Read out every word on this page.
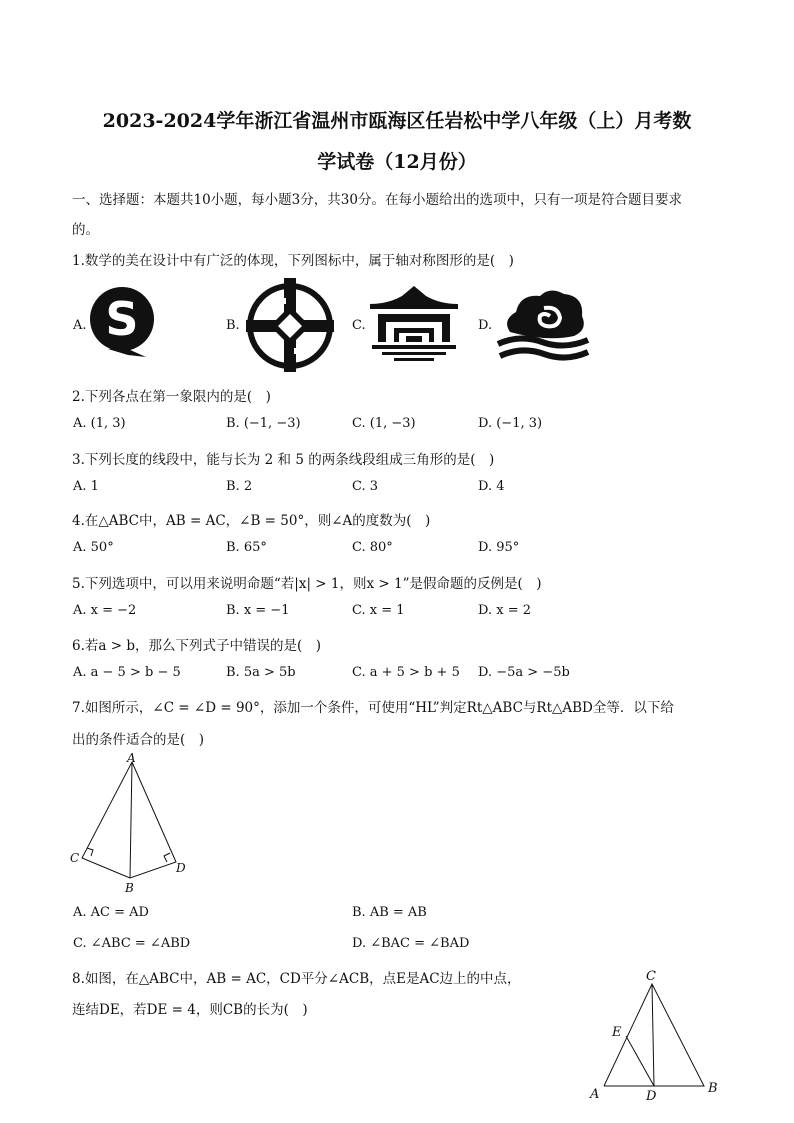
2023-2024学年浙江省温州市瓯海区任岩松中学八年级（上）月考数
学试卷（12月份）
一、选择题：本题共10小题，每小题3分，共30分。在每小题给出的选项中，只有一项是符合题目要求
的。
1.数学的美在设计中有广泛的体现，下列图标中，属于轴对称图形的是(　)
A.	B.	C.	D.
S
2.下列各点在第一象限内的是(　)
A. (1, 3)	B. (−1, −3)	C. (1, −3)	D. (−1, 3)
3.下列长度的线段中，能与长为 2 和 5 的两条线段组成三角形的是(　)
A. 1	B. 2	C. 3	D. 4
4.在△ABC中，AB = AC，∠B = 50°，则∠A的度数为(　)
A. 50°	B. 65°	C. 80°	D. 95°
5.下列选项中，可以用来说明命题“若|x| > 1，则x > 1”是假命题的反例是(　)
A. x = −2	B. x = −1	C. x = 1	D. x = 2
6.若a > b，那么下列式子中错误的是(　)
A. a − 5 > b − 5	B. 5a > 5b	C. a + 5 > b + 5 D. −5a > −5b
7.如图所示，∠C = ∠D = 90°，添加一个条件，可使用“HL”判定Rt△ABC与Rt△ABD全等．以下给
出的条件适合的是(　)
A
C
B
D
A. AC = AD	B. AB = AB
C. ∠ABC = ∠ABD	D. ∠BAC = ∠BAD
8.如图，在△ABC中，AB = AC，CD平分∠ACB，点E是AC边上的中点，
连结DE，若DE = 4，则CB的长为(　)
C
E
A	D
B
